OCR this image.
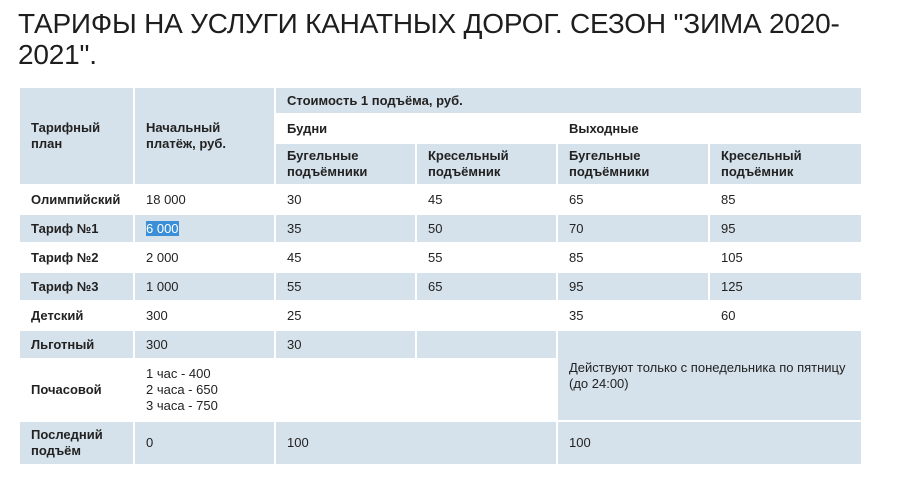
ТАРИФЫ НА УСЛУГИ КАНАТНЫХ ДОРОГ. СЕЗОН "ЗИМА 2020-2021".
Тарифный план	Начальный платёж, руб.	Стоимость 1 подъёма, руб.			
		Будни		Выходные	
		Бугельные подъёмники	Кресельный подъёмник	Бугельные подъёмники	Кресельный подъёмник
Олимпийский	18 000	30	45	65	85
Тариф №1	6 000	35	50	70	95
Тариф №2	2 000	45	55	85	105
Тариф №3	1 000	55	65	95	125
Детский	300	25		35	60
Льготный	300	30		Действуют только с понедельника по пятницу (до 24:00)	
Почасовой	1 час - 400
2 часа - 650
3 часа - 750				

Последний подъём	0	100		100	
